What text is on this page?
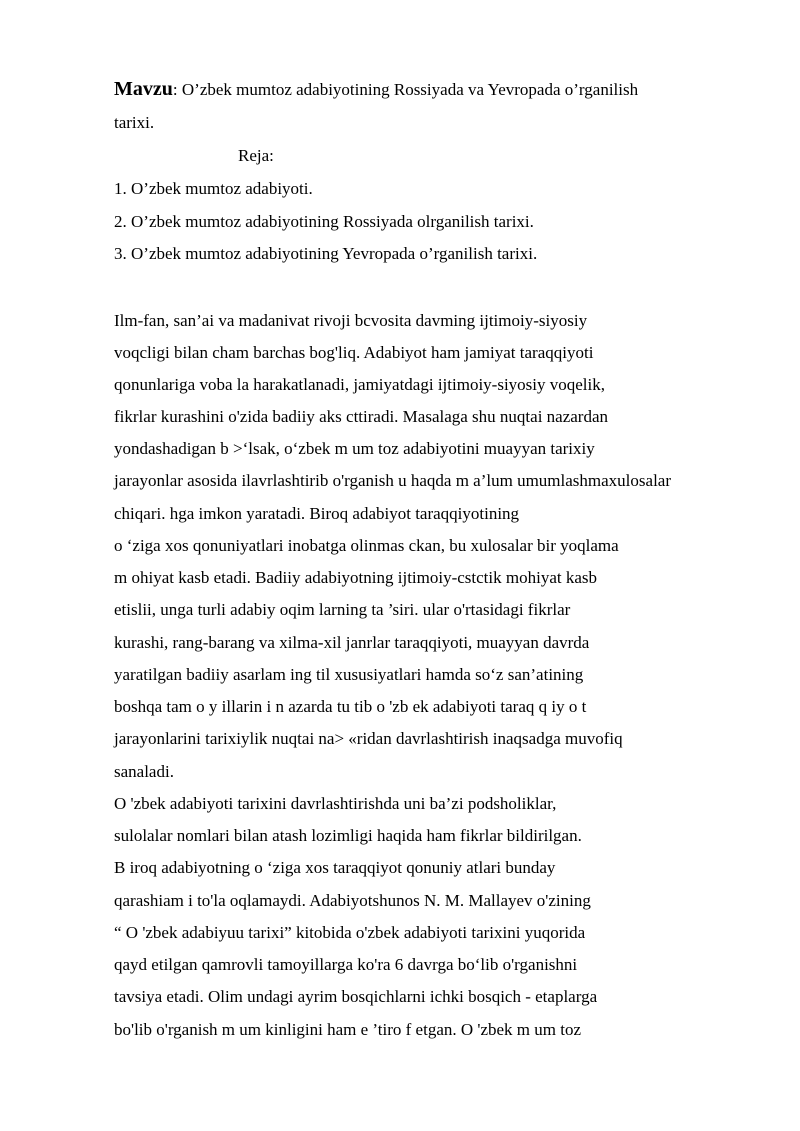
Mavzu: O’zbek mumtoz adabiyotining Rossiyada va Yevropada o’rganilish
tarixi.
Reja:
1. O’zbek mumtoz adabiyoti.
2. O’zbek mumtoz adabiyotining Rossiyada olrganilish tarixi.
3. O’zbek mumtoz adabiyotining Yevropada o’rganilish tarixi.
Ilm-fan, san’ai va madanivat rivoji bcvosita davming ijtimoiy-siyosiy
voqcligi bilan cham barchas bog'liq. Adabiyot ham jamiyat taraqqiyoti
qonunlariga voba la harakatlanadi, jamiyatdagi ijtimoiy-siyosiy voqelik,
fikrlar kurashini o'zida badiiy aks cttiradi. Masalaga shu nuqtai nazardan
yondashadigan b >‘lsak, o‘zbek m um toz adabiyotini muayyan tarixiy
jarayonlar asosida ilavrlashtirib o'rganish u haqda m a’lum umumlashmaxulosalar
chiqari. hga imkon yaratadi. Biroq adabiyot taraqqiyotining
o ‘ziga xos qonuniyatlari inobatga olinmas ckan, bu xulosalar bir yoqlama
m ohiyat kasb etadi. Badiiy adabiyotning ijtimoiy-cstctik mohiyat kasb
etislii, unga turli adabiy oqim larning ta ’siri. ular o'rtasidagi fikrlar
kurashi, rang-barang va xilma-xil janrlar taraqqiyoti, muayyan davrda
yaratilgan badiiy asarlam ing til xususiyatlari hamda so‘z san’atining
boshqa tam o y illarin i n azarda tu tib o 'zb ek adabiyoti taraq q iy o t
jarayonlarini tarixiylik nuqtai na> «ridan davrlashtirish inaqsadga muvofiq
sanaladi.
O 'zbek adabiyoti tarixini davrlashtirishda uni ba’zi podsholiklar,
sulolalar nomlari bilan atash lozimligi haqida ham fikrlar bildirilgan.
B iroq adabiyotning o ‘ziga xos taraqqiyot qonuniy atlari bunday
qarashiam i to'la oqlamaydi. Adabiyotshunos N. M. Mallayev o'zining
“ O 'zbek adabiyuu tarixi” kitobida o'zbek adabiyoti tarixini yuqorida
qayd etilgan qamrovli tamoyillarga ko'ra 6 davrga bo‘lib o'rganishni
tavsiya etadi. Olim undagi ayrim bosqichlarni ichki bosqich - etaplarga
bo'lib o'rganish m um kinligini ham e ’tiro f etgan. O 'zbek m um toz
